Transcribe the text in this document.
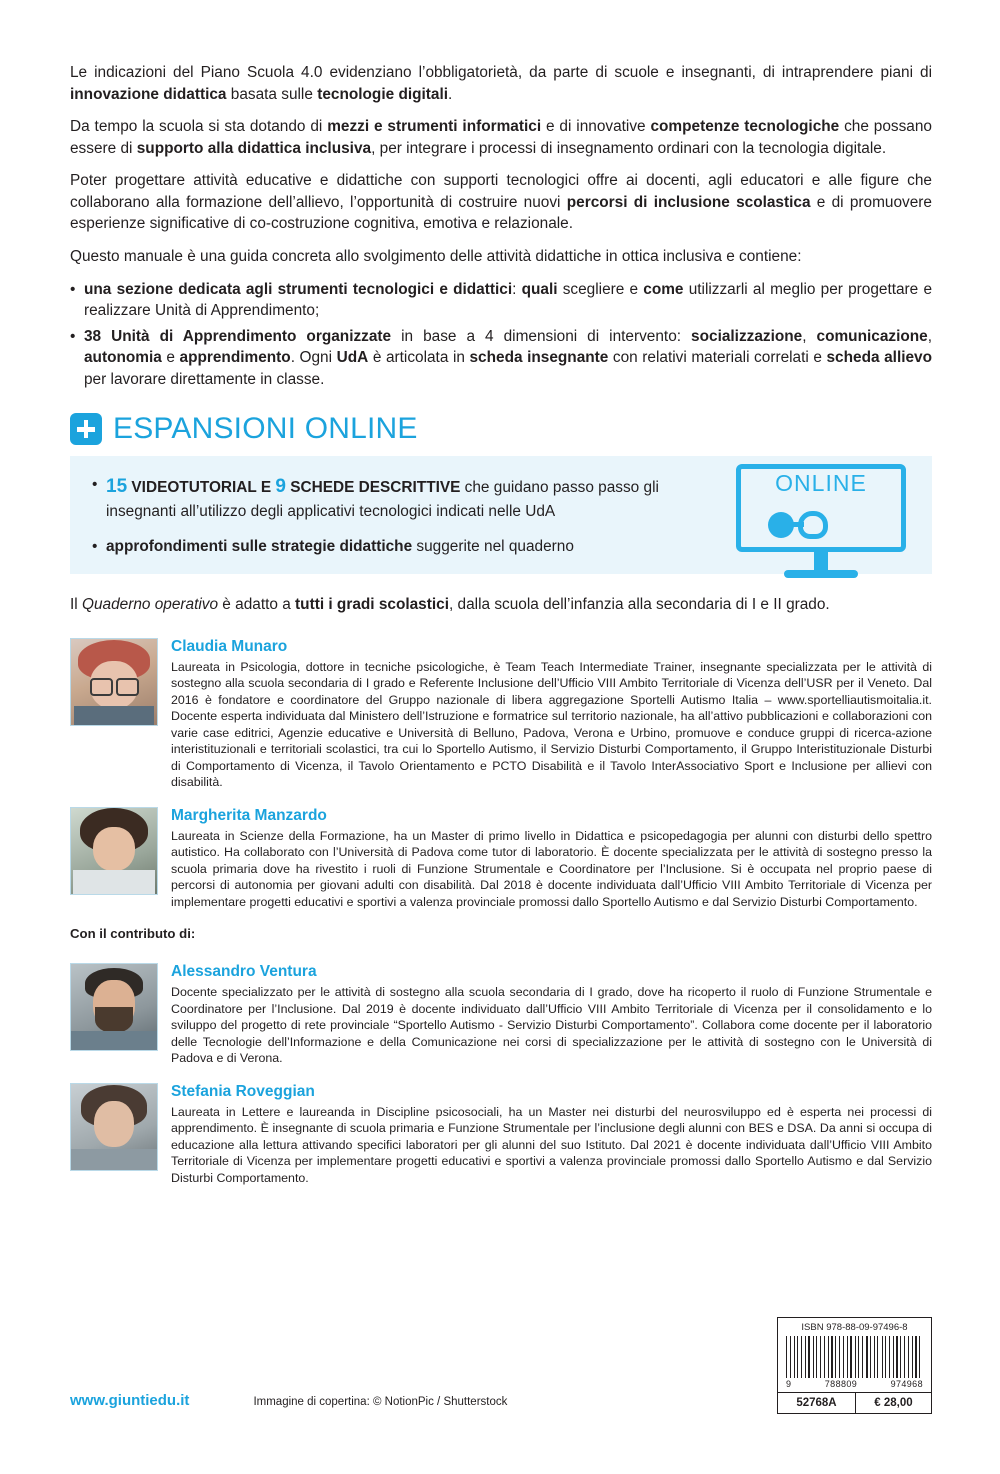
Le indicazioni del Piano Scuola 4.0 evidenziano l’obbligatorietà, da parte di scuole e insegnanti, di intraprendere piani di innovazione didattica basata sulle tecnologie digitali.

Da tempo la scuola si sta dotando di mezzi e strumenti informatici e di innovative competenze tecnologiche che possano essere di supporto alla didattica inclusiva, per integrare i processi di insegnamento ordinari con la tecnologia digitale.

Poter progettare attività educative e didattiche con supporti tecnologici offre ai docenti, agli educatori e alle figure che collaborano alla formazione dell’allievo, l’opportunità di costruire nuovi percorsi di inclusione scolastica e di promuovere esperienze significative di co-costruzione cognitiva, emotiva e relazionale.

Questo manuale è una guida concreta allo svolgimento delle attività didattiche in ottica inclusiva e contiene:

• una sezione dedicata agli strumenti tecnologici e didattici: quali scegliere e come utilizzarli al meglio per progettare e realizzare Unità di Apprendimento;
• 38 Unità di Apprendimento organizzate in base a 4 dimensioni di intervento: socializzazione, comunicazione, autonomia e apprendimento. Ogni UdA è articolata in scheda insegnante con relativi materiali correlati e scheda allievo per lavorare direttamente in classe.
ESPANSIONI ONLINE
• 15 VIDEOTUTORIAL E 9 SCHEDE DESCRITTIVE che guidano passo passo gli insegnanti all’utilizzo degli applicativi tecnologici indicati nelle UdA
• approfondimenti sulle strategie didattiche suggerite nel quaderno
ONLINE
Il Quaderno operativo è adatto a tutti i gradi scolastici, dalla scuola dell’infanzia alla secondaria di I e II grado.
Claudia Munaro
Laureata in Psicologia, dottore in tecniche psicologiche, è Team Teach Intermediate Trainer, insegnante specializzata per le attività di sostegno alla scuola secondaria di I grado e Referente Inclusione dell’Ufficio VIII Ambito Territoriale di Vicenza dell’USR per il Veneto. Dal 2016 è fondatore e coordinatore del Gruppo nazionale di libera aggregazione Sportelli Autismo Italia – www.sportelliautismoitalia.it. Docente esperta individuata dal Ministero dell’Istruzione e formatrice sul territorio nazionale, ha all’attivo pubblicazioni e collaborazioni con varie case editrici, Agenzie educative e Università di Belluno, Padova, Verona e Urbino, promuove e conduce gruppi di ricerca-azione interistituzionali e territoriali scolastici, tra cui lo Sportello Autismo, il Servizio Disturbi Comportamento, il Gruppo Interistituzionale Disturbi di Comportamento di Vicenza, il Tavolo Orientamento e PCTO Disabilità e il Tavolo InterAssociativo Sport e Inclusione per allievi con disabilità.
Margherita Manzardo
Laureata in Scienze della Formazione, ha un Master di primo livello in Didattica e psicopedagogia per alunni con disturbi dello spettro autistico. Ha collaborato con l’Università di Padova come tutor di laboratorio. È docente specializzata per le attività di sostegno presso la scuola primaria dove ha rivestito i ruoli di Funzione Strumentale e Coordinatore per l’Inclusione. Si è occupata nel proprio paese di percorsi di autonomia per giovani adulti con disabilità. Dal 2018 è docente individuata dall’Ufficio VIII Ambito Territoriale di Vicenza per implementare progetti educativi e sportivi a valenza provinciale promossi dallo Sportello Autismo e dal Servizio Disturbi Comportamento.
Con il contributo di:
Alessandro Ventura
Docente specializzato per le attività di sostegno alla scuola secondaria di I grado, dove ha ricoperto il ruolo di Funzione Strumentale e Coordinatore per l’Inclusione. Dal 2019 è docente individuato dall’Ufficio VIII Ambito Territoriale di Vicenza per il consolidamento e lo sviluppo del progetto di rete provinciale “Sportello Autismo - Servizio Disturbi Comportamento”. Collabora come docente per il laboratorio delle Tecnologie dell’Informazione e della Comunicazione nei corsi di specializzazione per le attività di sostegno con le Università di Padova e di Verona.
Stefania Roveggian
Laureata in Lettere e laureanda in Discipline psicosociali, ha un Master nei disturbi del neurosviluppo ed è esperta nei processi di apprendimento. È insegnante di scuola primaria e Funzione Strumentale per l’inclusione degli alunni con BES e DSA. Da anni si occupa di educazione alla lettura attivando specifici laboratori per gli alunni del suo Istituto. Dal 2021 è docente individuata dall’Ufficio VIII Ambito Territoriale di Vicenza per implementare progetti educativi e sportivi a valenza provinciale promossi dallo Sportello Autismo e dal Servizio Disturbi Comportamento.
ISBN 978-88-09-97496-8
9	788809	974968
52768A	€ 28,00
www.giuntiedu.it	Immagine di copertina: © NotionPic / Shutterstock
